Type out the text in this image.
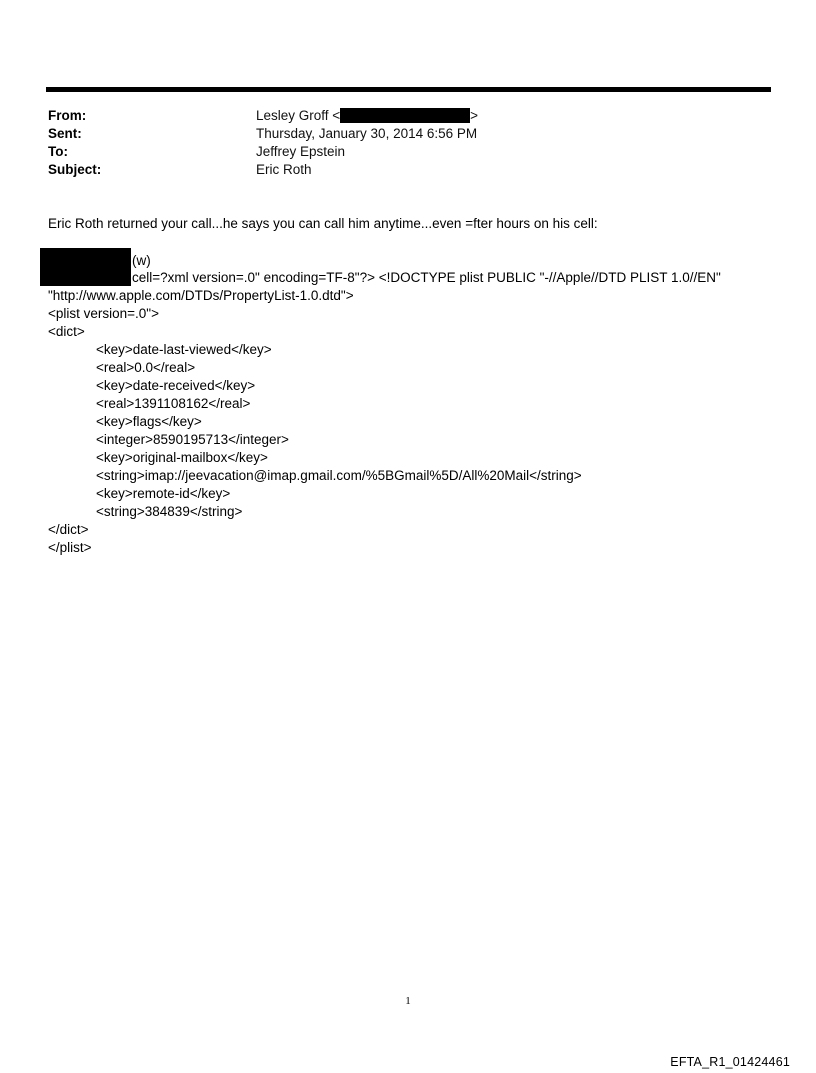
From:	Lesley Groff <	>
Sent:	Thursday, January 30, 2014 6:56 PM
To:	Jeffrey Epstein
Subject:	Eric Roth
Eric Roth returned your call...he says you can call him anytime...even =fter hours on his cell:
(w)
cell=?xml version=.0" encoding=TF-8"?> <!DOCTYPE plist PUBLIC "-//Apple//DTD PLIST 1.0//EN"
"http://www.apple.com/DTDs/PropertyList-1.0.dtd">
<plist version=.0">
<dict>
<key>date-last-viewed</key>
<real>0.0</real>
<key>date-received</key>
<real>1391108162</real>
<key>flags</key>
<integer>8590195713</integer>
<key>original-mailbox</key>
<string>imap://jeevacation@imap.gmail.com/%5BGmail%5D/All%20Mail</string>
<key>remote-id</key>
<string>384839</string>
</dict>
</plist>
1
EFTA_R1_01424461
